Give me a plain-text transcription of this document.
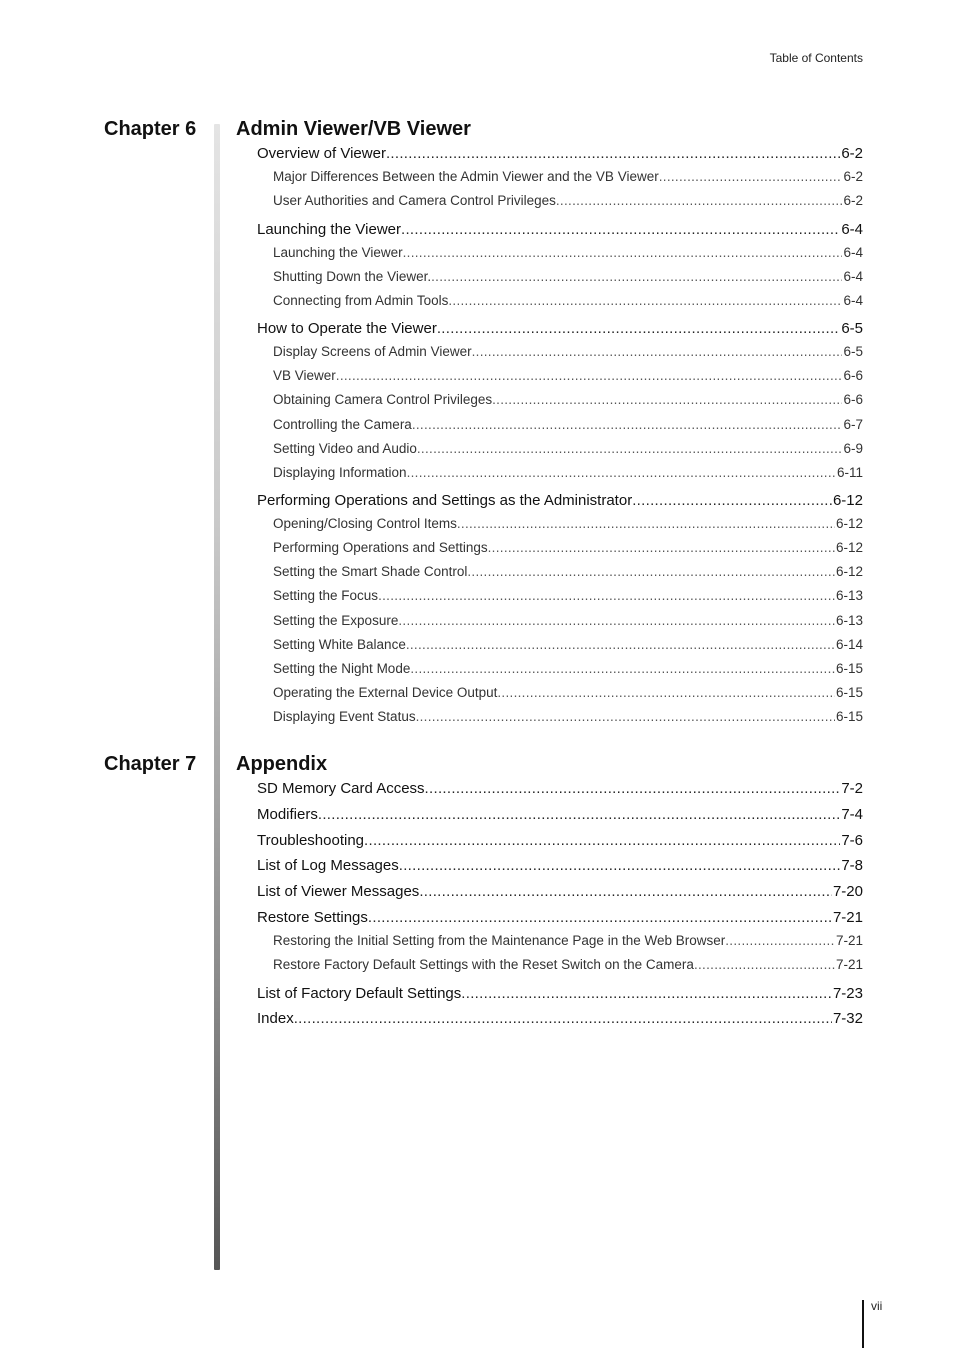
Table of Contents
Chapter 6 Admin Viewer/VB Viewer
Overview of Viewer .....	6-2
Major Differences Between the Admin Viewer and the VB Viewer .....	6-2
User Authorities and Camera Control Privileges .....	6-2
Launching the Viewer .....	6-4
Launching the Viewer .....	6-4
Shutting Down the Viewer. .....	6-4
Connecting from Admin Tools .....	6-4
How to Operate the Viewer .....	6-5
Display Screens of Admin Viewer .....	6-5
VB Viewer .....	6-6
Obtaining Camera Control Privileges .....	6-6
Controlling the Camera .....	6-7
Setting Video and Audio .....	6-9
Displaying Information .....	6-11
Performing Operations and Settings as the Administrator .....	6-12
Opening/Closing Control Items .....	6-12
Performing Operations and Settings .....	6-12
Setting the Smart Shade Control .....	6-12
Setting the Focus .....	6-13
Setting the Exposure .....	6-13
Setting White Balance .....	6-14
Setting the Night Mode .....	6-15
Operating the External Device Output .....	6-15
Displaying Event Status .....	6-15
Chapter 7 Appendix
SD Memory Card Access .....	7-2
Modifiers .....	7-4
Troubleshooting .....	7-6
List of Log Messages .....	7-8
List of Viewer Messages .....	7-20
Restore Settings .....	7-21
Restoring the Initial Setting from the Maintenance Page in the Web Browser .....	7-21
Restore Factory Default Settings with the Reset Switch on the Camera .....	7-21
List of Factory Default Settings .....	7-23
Index .....	7-32
vii
